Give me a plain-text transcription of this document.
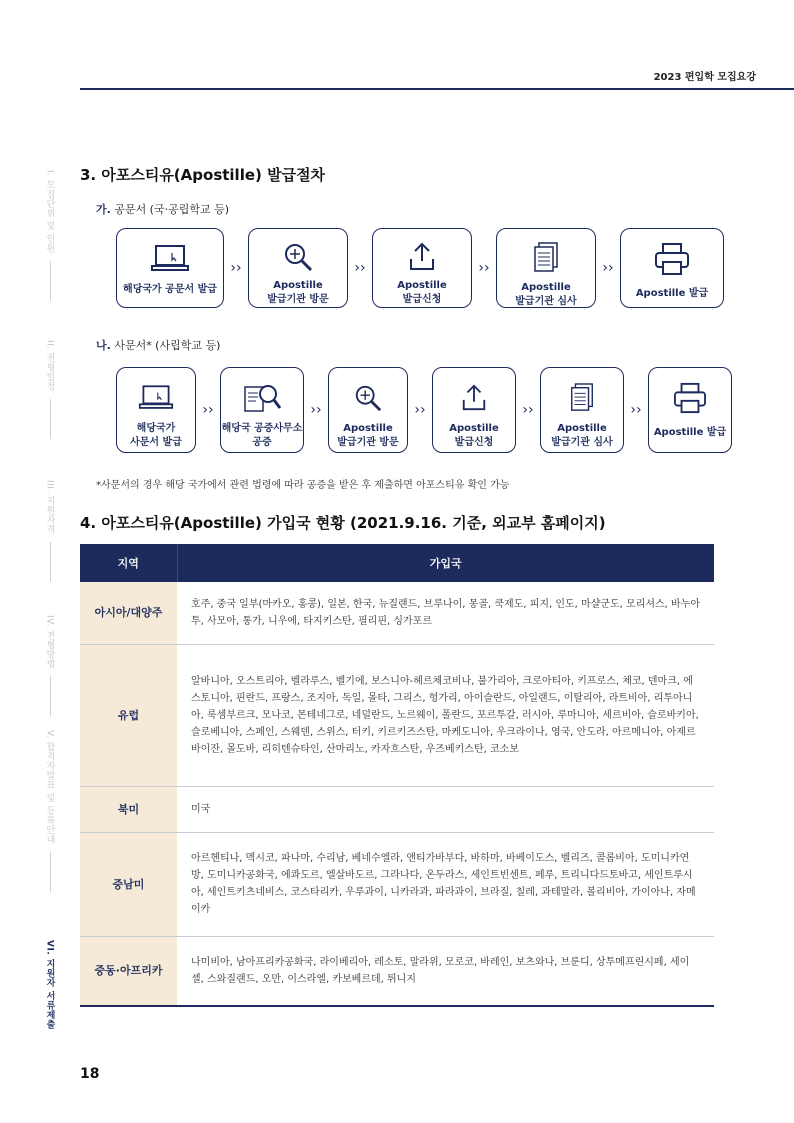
2023 편입학 모집요강
I. 모집단위 및 인원
II. 전형일정
III. 지원자격
IV. 전형방법
V. 합격자발표 및 등록안내
VI. 지원자 서류제출
3. 아포스티유(Apostille) 발급절차
가. 공문서 (국·공립학교 등)
해당국가 공문서 발급
››
Apostille
발급기관 방문
››
Apostille
발급신청
››
Apostille
발급기관 심사
››
Apostille 발급
나. 사문서* (사립학교 등)
해당국가
사문서 발급
››
해당국 공증사무소
공증
››
Apostille
발급기관 방문
››
Apostille
발급신청
››
Apostille
발급기관 심사
››
Apostille 발급
*사문서의 경우 해당 국가에서 관련 법령에 따라 공증을 받은 후 제출하면 아포스티유 확인 가능
4. 아포스티유(Apostille) 가입국 현황 (2021.9.16. 기준, 외교부 홈페이지)
지역	가입국
아시아/대양주	호주, 중국 일부(마카오, 홍콩), 일본, 한국, 뉴질랜드, 브루나이, 몽골, 쿡제도, 피지, 인도, 마샬군도, 모리셔스, 바누아투, 사모아, 통가, 니우에, 타지키스탄, 필리핀, 싱가포르
유럽	알바니아, 오스트리아, 벨라루스, 벨기에, 보스니아-헤르체코비나, 불가리아, 크로아티아, 키프로스, 체코, 덴마크, 에스토니아, 핀란드, 프랑스, 조지아, 독일, 몰타, 그리스, 헝가리, 아이슬란드, 아일랜드, 이탈리아, 라트비아, 리투아니아, 룩셈부르크, 모나코, 몬테네그로, 네덜란드, 노르웨이, 폴란드, 포르투갈, 러시아, 루마니아, 세르비아, 슬로바키아, 슬로베니아, 스페인, 스웨덴, 스위스, 터키, 키르키즈스탄, 마케도니아, 우크라이나, 영국, 안도라, 아르메니아, 아제르바이잔, 몰도바, 리히텐슈타인, 산마리노, 카자흐스탄, 우즈베키스탄, 코소보
북미	미국
중남미	아르헨티나, 멕시코, 파나마, 수리남, 베네수엘라, 앤티가바부다, 바하마, 바베이도스, 벨리즈, 콜롬비아, 도미니카연방, 도미니카공화국, 에콰도르, 엘살바도르, 그라나다, 온두라스, 세인트빈센트, 페루, 트리니다드토바고, 세인트루시아, 세인트키츠네비스, 코스타리카, 우루과이, 니카라과, 파라과이, 브라질, 칠레, 과테말라, 볼리비아, 가이아나, 자메이카
중동·아프리카	나미비아, 남아프리카공화국, 라이베리아, 레소토, 말라위, 모로코, 바레인, 보츠와나, 브룬디, 상투메프린시페, 세이셸, 스와질랜드, 오만, 이스라엘, 카보베르데, 튀니지
18
